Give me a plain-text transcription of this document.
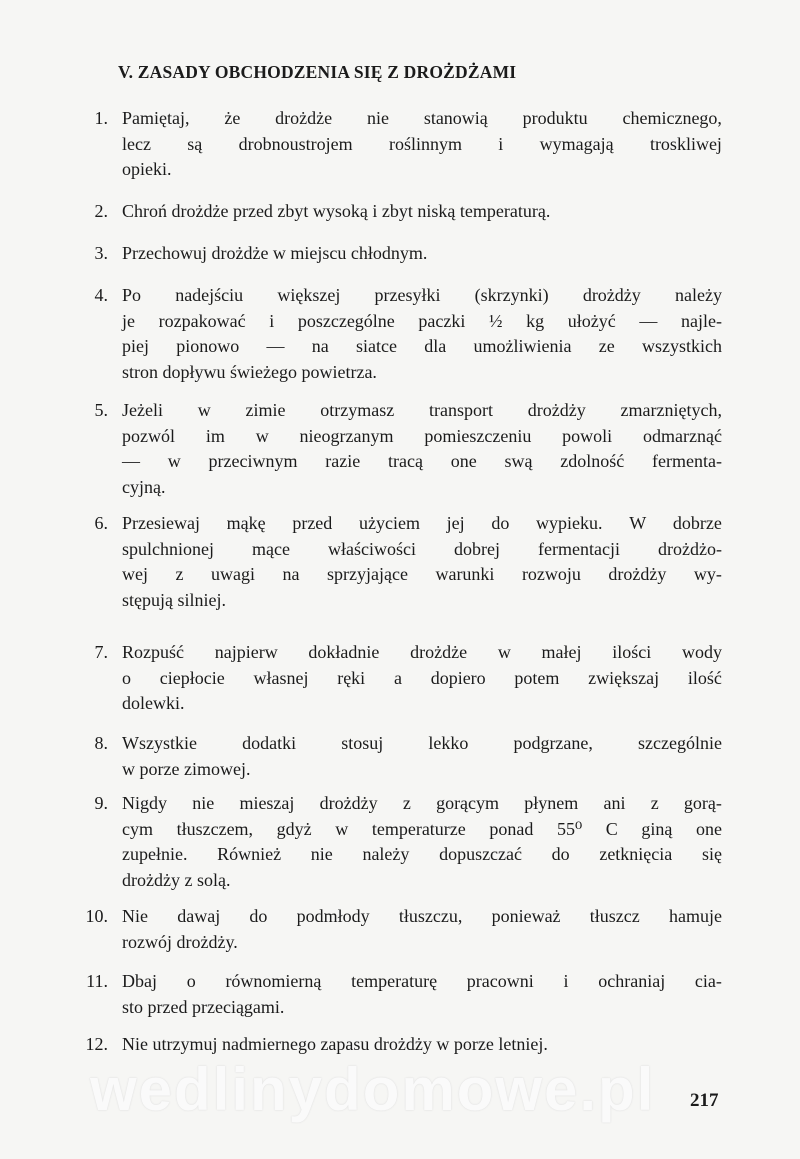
V. ZASADY OBCHODZENIA SIĘ Z DROŻDŻAMI
1. Pamiętaj, że drożdże nie stanowią produktu chemicznego,
lecz są drobnoustrojem roślinnym i wymagają troskliwej
opieki.
2. Chroń drożdże przed zbyt wysoką i zbyt niską temperaturą.
3. Przechowuj drożdże w miejscu chłodnym.
4. Po nadejściu większej przesyłki (skrzynki) drożdży należy
je rozpakować i poszczególne paczki ½ kg ułożyć — najle-
piej pionowo — na siatce dla umożliwienia ze wszystkich
stron dopływu świeżego powietrza.
5. Jeżeli w zimie otrzymasz transport drożdży zmarzniętych,
pozwól im w nieogrzanym pomieszczeniu powoli odmarznąć
— w przeciwnym razie tracą one swą zdolność fermenta-
cyjną.
6. Przesiewaj mąkę przed użyciem jej do wypieku. W dobrze
spulchnionej mące właściwości dobrej fermentacji drożdżo-
wej z uwagi na sprzyjające warunki rozwoju drożdży wy-
stępują silniej.
7. Rozpuść najpierw dokładnie drożdże w małej ilości wody
o ciepłocie własnej ręki a dopiero potem zwiększaj ilość
dolewki.
8. Wszystkie	dodatki	stosuj	lekko	podgrzane,	szczególnie
w porze zimowej.
9. Nigdy nie mieszaj drożdży z gorącym płynem ani z gorą-
cym tłuszczem, gdyż w temperaturze ponad 55⁰ C giną one
zupełnie. Również nie należy dopuszczać do zetknięcia się
drożdży z solą.
10. Nie dawaj do podmłody tłuszczu, ponieważ tłuszcz hamuje
rozwój drożdży.
11. Dbaj o równomierną temperaturę pracowni i ochraniaj cia-
sto przed przeciągami.
12. Nie utrzymuj nadmiernego zapasu drożdży w porze letniej.
wedlinydomowe.pl 217
